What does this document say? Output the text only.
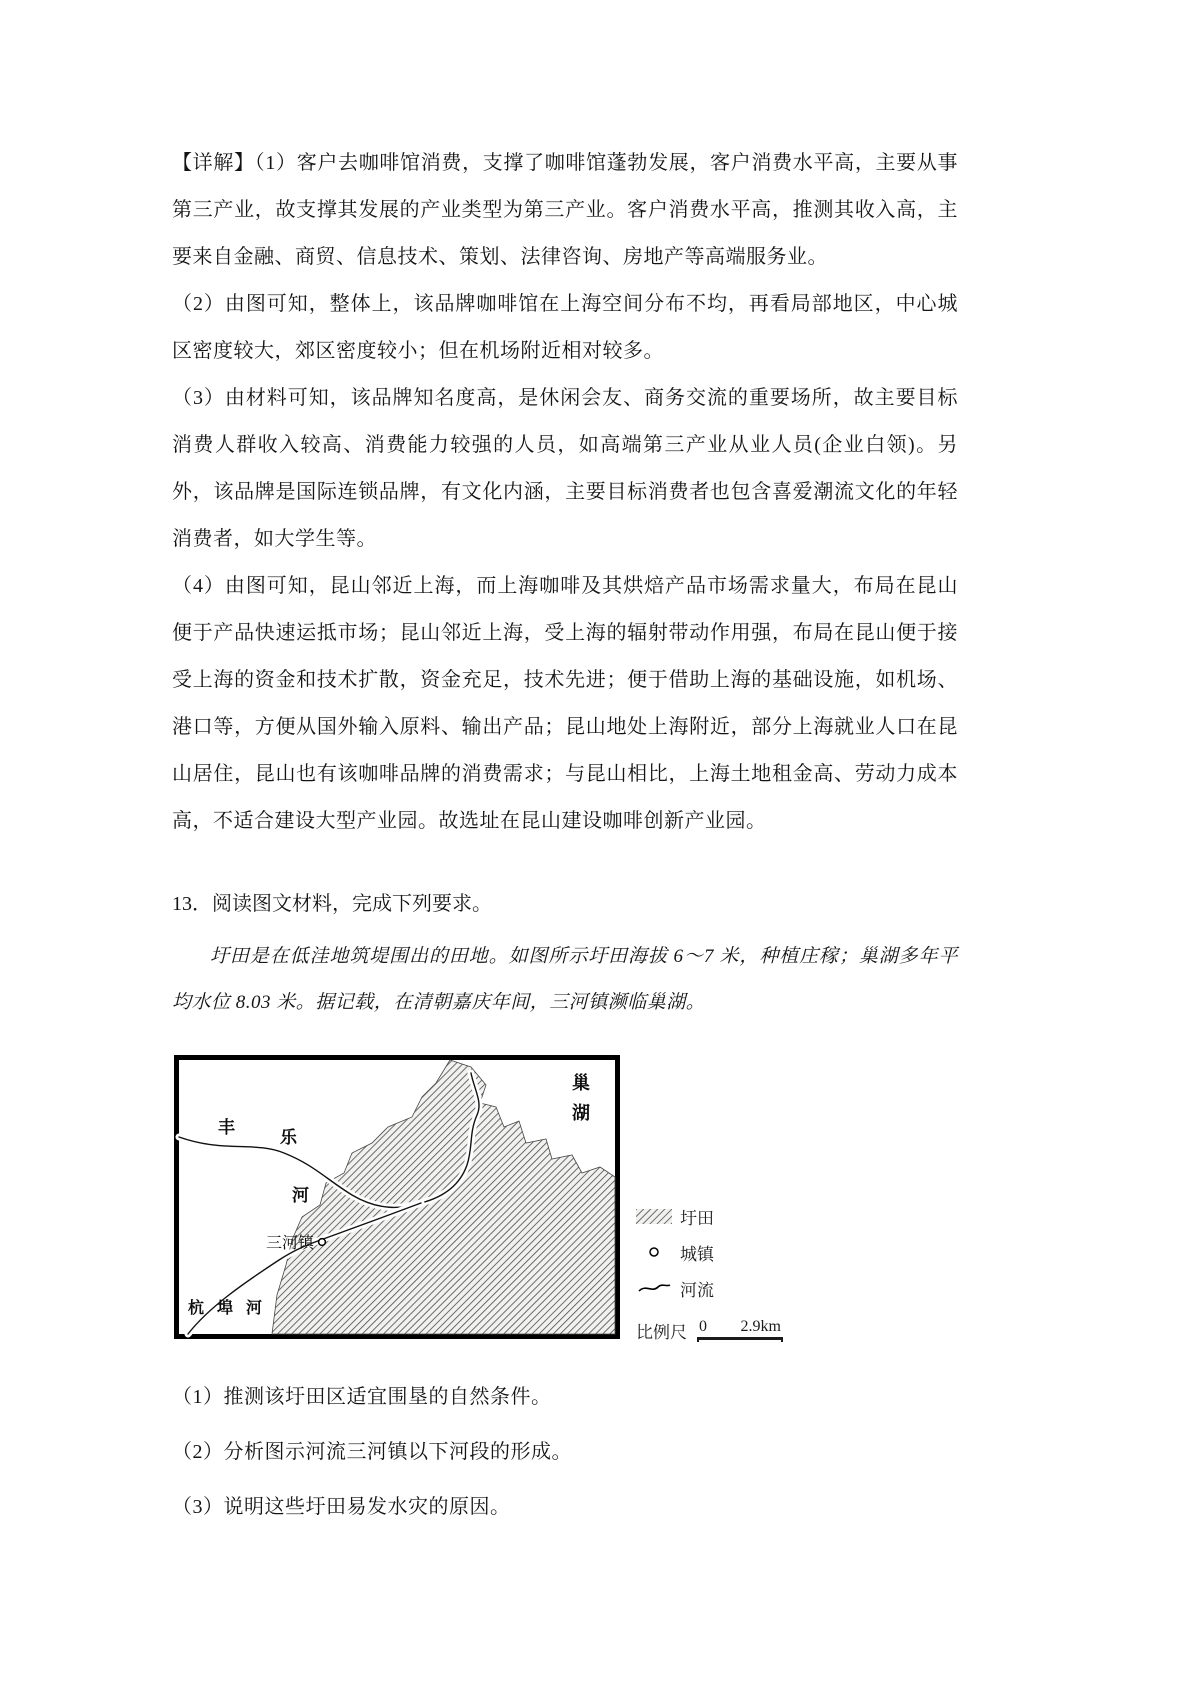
【详解】（1）客户去咖啡馆消费，支撑了咖啡馆蓬勃发展，客户消费水平高，主要从事第三产业，故支撑其发展的产业类型为第三产业。客户消费水平高，推测其收入高，主要来自金融、商贸、信息技术、策划、法律咨询、房地产等高端服务业。

（2）由图可知，整体上，该品牌咖啡馆在上海空间分布不均，再看局部地区，中心城区密度较大，郊区密度较小；但在机场附近相对较多。

（3）由材料可知，该品牌知名度高，是休闲会友、商务交流的重要场所，故主要目标消费人群收入较高、消费能力较强的人员，如高端第三产业从业人员(企业白领)。另外，该品牌是国际连锁品牌，有文化内涵，主要目标消费者也包含喜爱潮流文化的年轻消费者，如大学生等。

（4）由图可知，昆山邻近上海，而上海咖啡及其烘焙产品市场需求量大，布局在昆山便于产品快速运抵市场；昆山邻近上海，受上海的辐射带动作用强，布局在昆山便于接受上海的资金和技术扩散，资金充足，技术先进；便于借助上海的基础设施，如机场、港口等，方便从国外输入原料、输出产品；昆山地处上海附近，部分上海就业人口在昆山居住，昆山也有该咖啡品牌的消费需求；与昆山相比，上海土地租金高、劳动力成本高，不适合建设大型产业园。故选址在昆山建设咖啡创新产业园。

13．阅读图文材料，完成下列要求。

圩田是在低洼地筑堤围出的田地。如图所示圩田海拔 6～7 米，种植庄稼；巢湖多年平均水位 8.03 米。据记载，在清朝嘉庆年间，三河镇濒临巢湖。

丰
乐
河
三河镇
巢
湖
杭埠河
圩田
城镇
河流
比例尺 0 2.9km

（1）推测该圩田区适宜围垦的自然条件。

（2）分析图示河流三河镇以下河段的形成。

（3）说明这些圩田易发水灾的原因。
